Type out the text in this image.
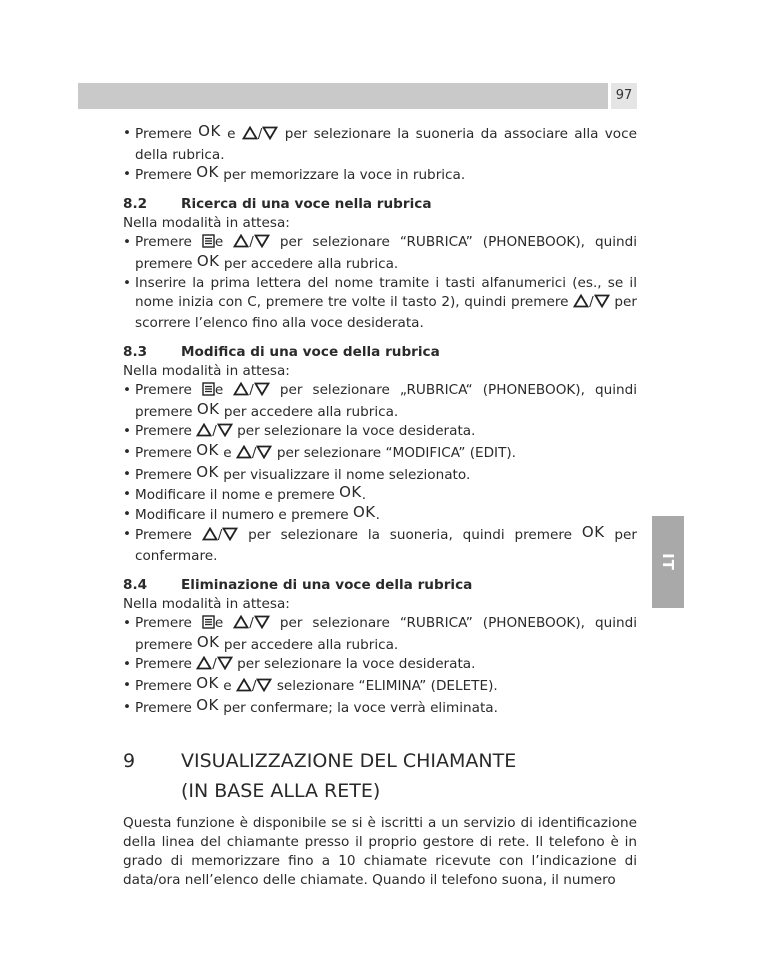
97
IT

• Premere OK e / per selezionare la suoneria da associare alla voce della rubrica.

• Premere OK per memorizzare la voce in rubrica.

8.2	Ricerca di una voce nella rubrica

Nella modalità in attesa:

• Premere e / per selezionare “RUBRICA” (PHONEBOOK), quindi premere OK per accedere alla rubrica.

• Inserire la prima lettera del nome tramite i tasti alfanumerici (es., se il nome inizia con C, premere tre volte il tasto 2), quindi premere / per scorrere l’elenco fino alla voce desiderata.

8.3	Modifica di una voce della rubrica

Nella modalità in attesa:

• Premere e / per selezionare „RUBRICA“ (PHONEBOOK), quindi premere OK per accedere alla rubrica.

• Premere / per selezionare la voce desiderata.

• Premere OK e / per selezionare “MODIFICA” (EDIT).

• Premere OK per visualizzare il nome selezionato.

• Modificare il nome e premere OK.

• Modificare il numero e premere OK.

• Premere / per selezionare la suoneria, quindi premere OK per confermare.

8.4	Eliminazione di una voce della rubrica

Nella modalità in attesa:

• Premere e / per selezionare “RUBRICA” (PHONEBOOK), quindi premere OK per accedere alla rubrica.

• Premere / per selezionare la voce desiderata.

• Premere OK e / selezionare “ELIMINA” (DELETE).

• Premere OK per confermare; la voce verrà eliminata.

9	VISUALIZZAZIONE DEL CHIAMANTE
(IN BASE ALLA RETE)

Questa funzione è disponibile se si è iscritti a un servizio di identificazione della linea del chiamante presso il proprio gestore di rete. Il telefono è in grado di memorizzare fino a 10 chiamate ricevute con l’indicazione di data/ora nell’elenco delle chiamate. Quando il telefono suona, il numero
